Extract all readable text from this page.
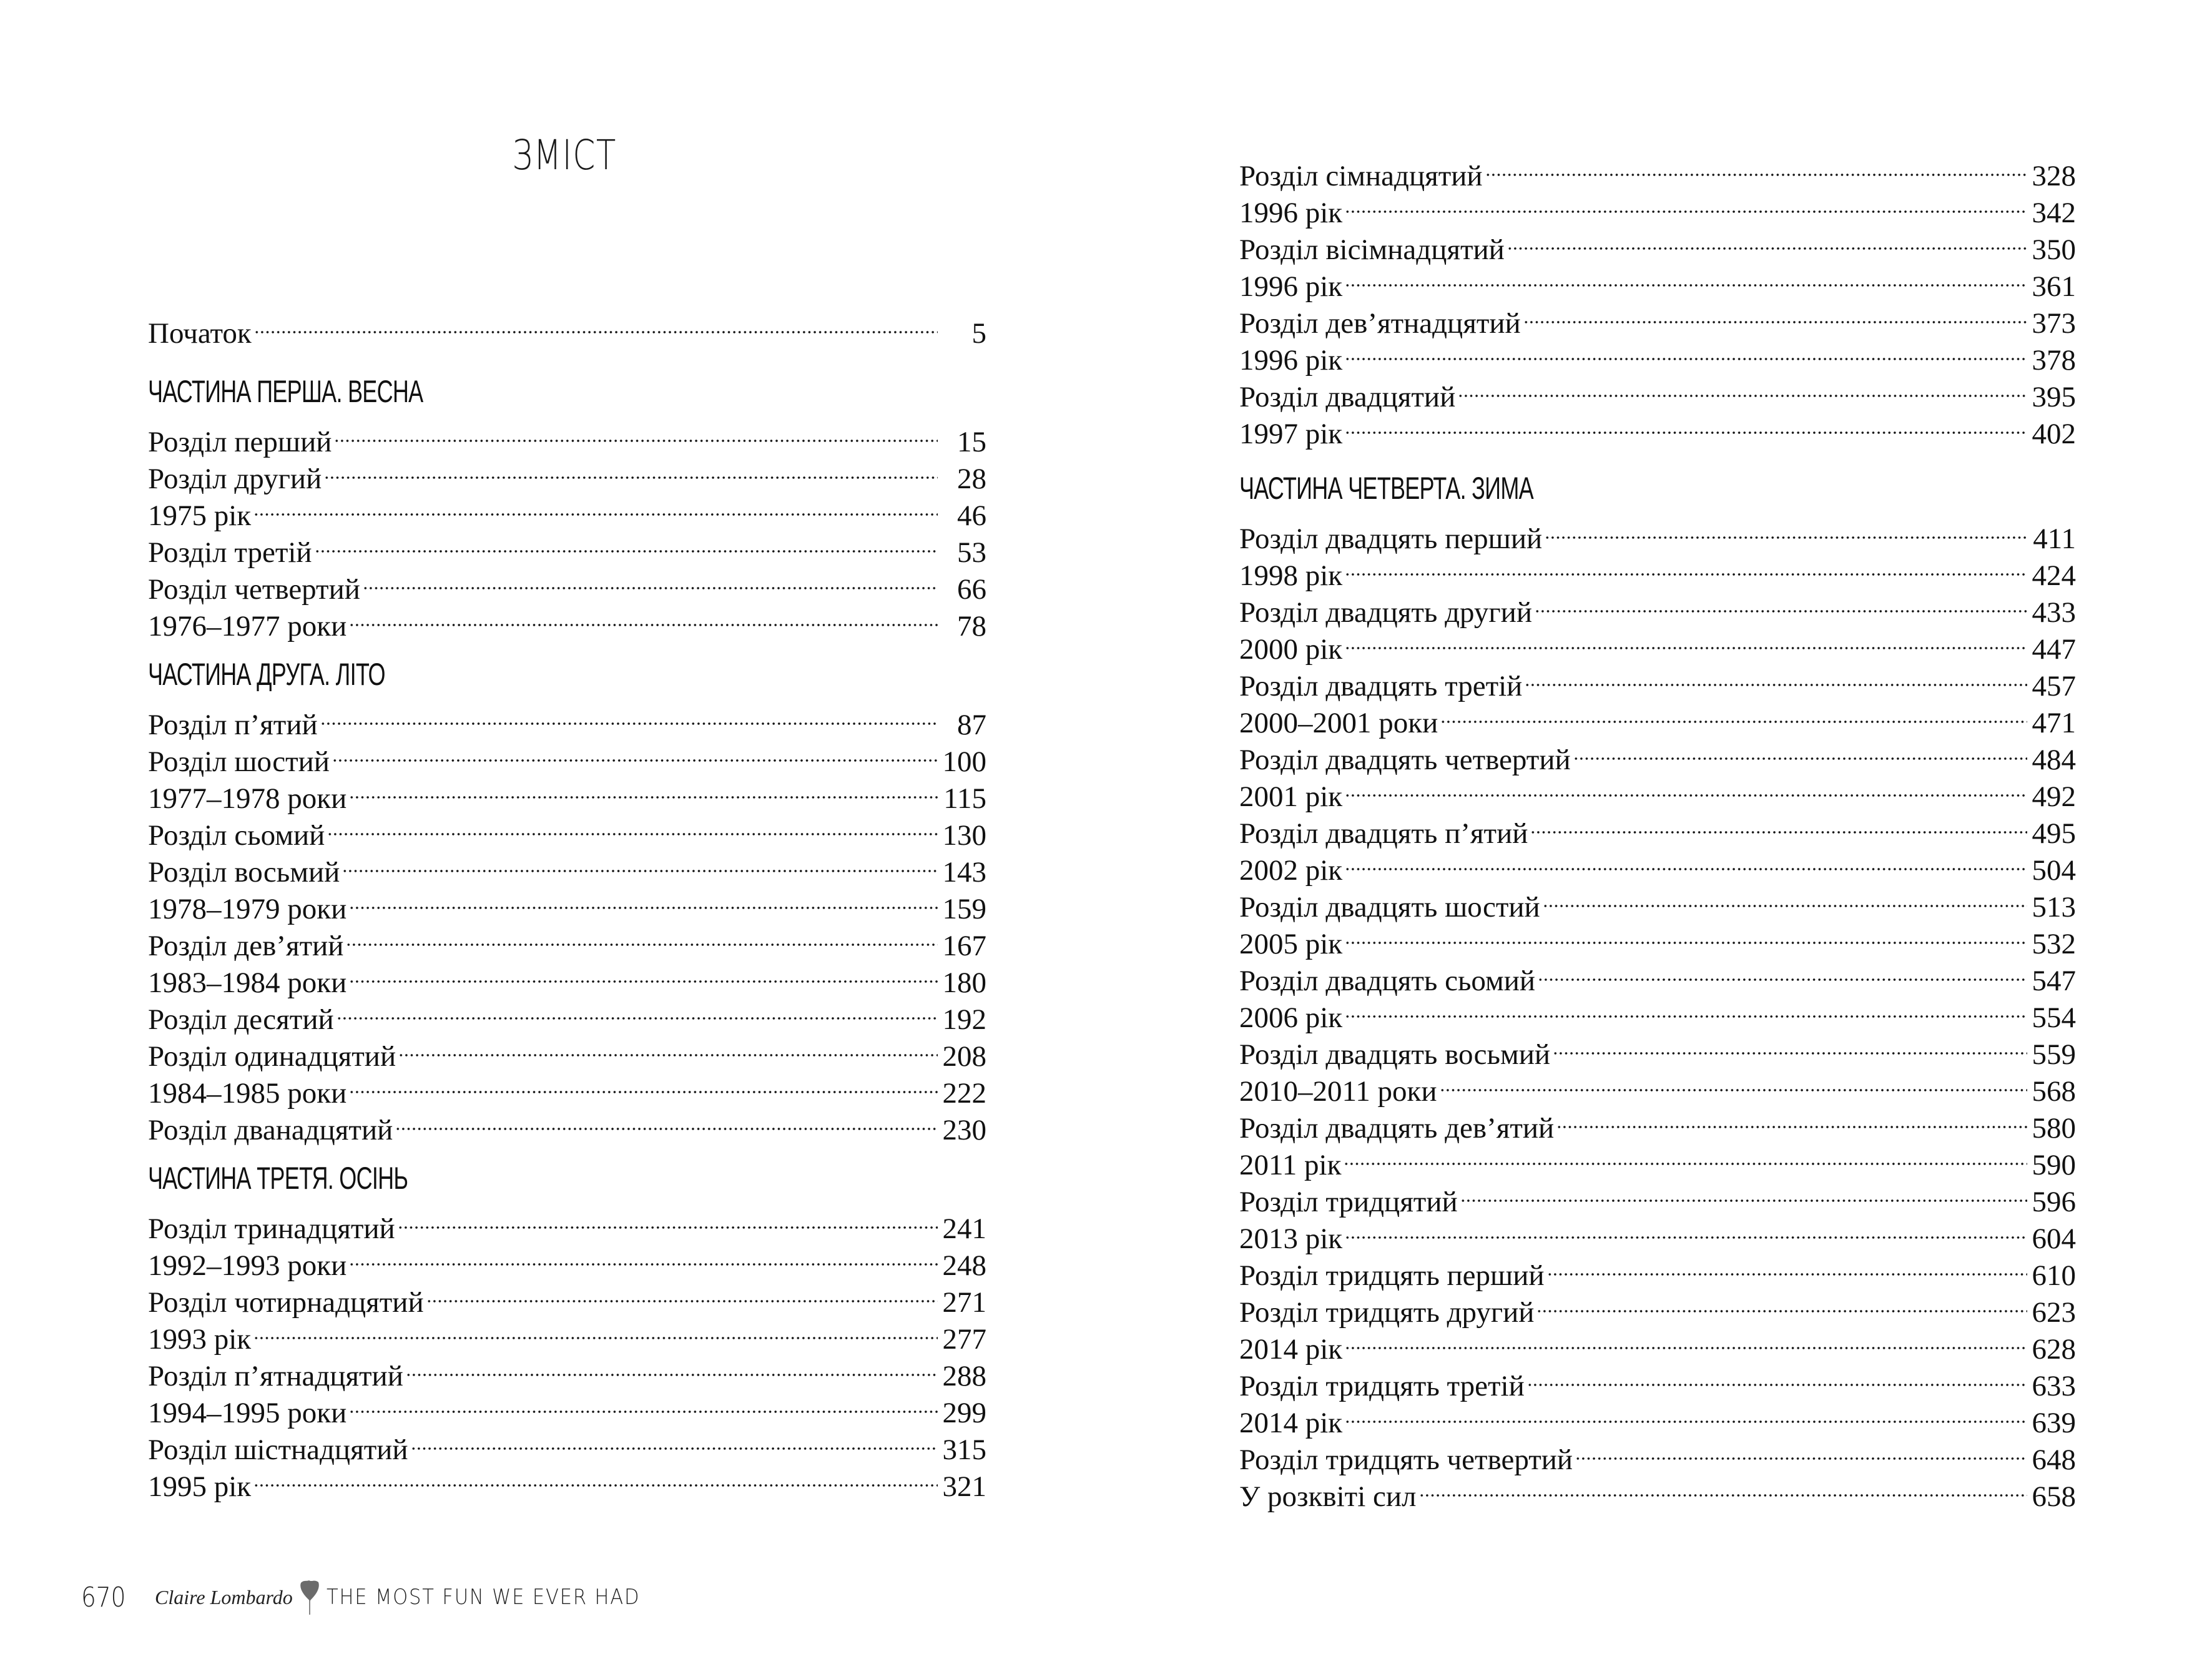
ЗМІСТ
Початок	5
ЧАСТИНА ПЕРША. ВЕСНА
Розділ перший	15
Розділ другий	28
1975 рік	46
Розділ третій	53
Розділ четвертий	66
1976–1977 роки	78
ЧАСТИНА ДРУГА. ЛІТО
Розділ п’ятий	87
Розділ шостий	100
1977–1978 роки	115
Розділ сьомий	130
Розділ восьмий	143
1978–1979 роки	159
Розділ дев’ятий	167
1983–1984 роки	180
Розділ десятий	192
Розділ одинадцятий	208
1984–1985 роки	222
Розділ дванадцятий	230
ЧАСТИНА ТРЕТЯ. ОСІНЬ
Розділ тринадцятий	241
1992–1993 роки	248
Розділ чотирнадцятий	271
1993 рік	277
Розділ п’ятнадцятий	288
1994–1995 роки	299
Розділ шістнадцятий	315
1995 рік	321
670 Claire Lombardo THE MOST FUN WE EVER HAD
Розділ сімнадцятий	328
1996 рік	342
Розділ вісімнадцятий	350
1996 рік	361
Розділ дев’ятнадцятий	373
1996 рік	378
Розділ двадцятий	395
1997 рік	402
ЧАСТИНА ЧЕТВЕРТА. ЗИМА
Розділ двадцять перший	411
1998 рік	424
Розділ двадцять другий	433
2000 рік	447
Розділ двадцять третій	457
2000–2001 роки	471
Розділ двадцять четвертий	484
2001 рік	492
Розділ двадцять п’ятий	495
2002 рік	504
Розділ двадцять шостий	513
2005 рік	532
Розділ двадцять сьомий	547
2006 рік	554
Розділ двадцять восьмий	559
2010–2011 роки	568
Розділ двадцять дев’ятий	580
2011 рік	590
Розділ тридцятий	596
2013 рік	604
Розділ тридцять перший	610
Розділ тридцять другий	623
2014 рік	628
Розділ тридцять третій	633
2014 рік	639
Розділ тридцять четвертий	648
У розквіті сил	658
